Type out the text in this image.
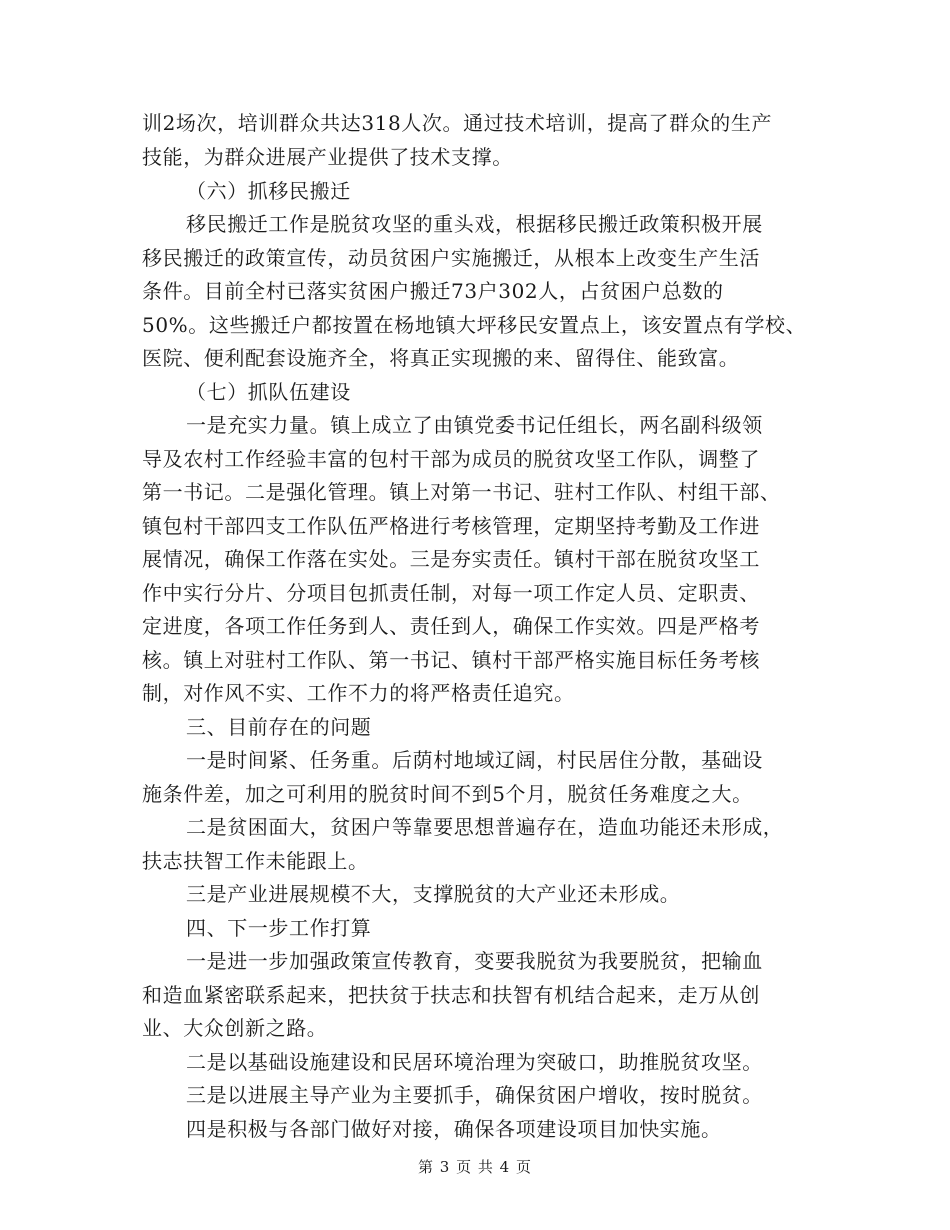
训2场次，培训群众共达318人次。通过技术培训，提高了群众的生产
技能，为群众进展产业提供了技术支撑。
（六）抓移民搬迁
移民搬迁工作是脱贫攻坚的重头戏，根据移民搬迁政策积极开展
移民搬迁的政策宣传，动员贫困户实施搬迁，从根本上改变生产生活
条件。目前全村已落实贫困户搬迁73户302人，占贫困户总数的
50%。这些搬迁户都按置在杨地镇大坪移民安置点上，该安置点有学校、
医院、便利配套设施齐全，将真正实现搬的来、留得住、能致富。
（七）抓队伍建设
一是充实力量。镇上成立了由镇党委书记任组长，两名副科级领
导及农村工作经验丰富的包村干部为成员的脱贫攻坚工作队，调整了
第一书记。二是强化管理。镇上对第一书记、驻村工作队、村组干部、
镇包村干部四支工作队伍严格进行考核管理，定期坚持考勤及工作进
展情况，确保工作落在实处。三是夯实责任。镇村干部在脱贫攻坚工
作中实行分片、分项目包抓责任制，对每一项工作定人员、定职责、
定进度，各项工作任务到人、责任到人，确保工作实效。四是严格考
核。镇上对驻村工作队、第一书记、镇村干部严格实施目标任务考核
制，对作风不实、工作不力的将严格责任追究。
三、目前存在的问题
一是时间紧、任务重。后荫村地域辽阔，村民居住分散，基础设
施条件差，加之可利用的脱贫时间不到5个月，脱贫任务难度之大。
二是贫困面大，贫困户等靠要思想普遍存在，造血功能还未形成，
扶志扶智工作未能跟上。
三是产业进展规模不大，支撑脱贫的大产业还未形成。
四、下一步工作打算
一是进一步加强政策宣传教育，变要我脱贫为我要脱贫，把输血
和造血紧密联系起来，把扶贫于扶志和扶智有机结合起来，走万从创
业、大众创新之路。
二是以基础设施建设和民居环境治理为突破口，助推脱贫攻坚。
三是以进展主导产业为主要抓手，确保贫困户增收，按时脱贫。
四是积极与各部门做好对接，确保各项建设项目加快实施。
第 3 页 共 4 页
